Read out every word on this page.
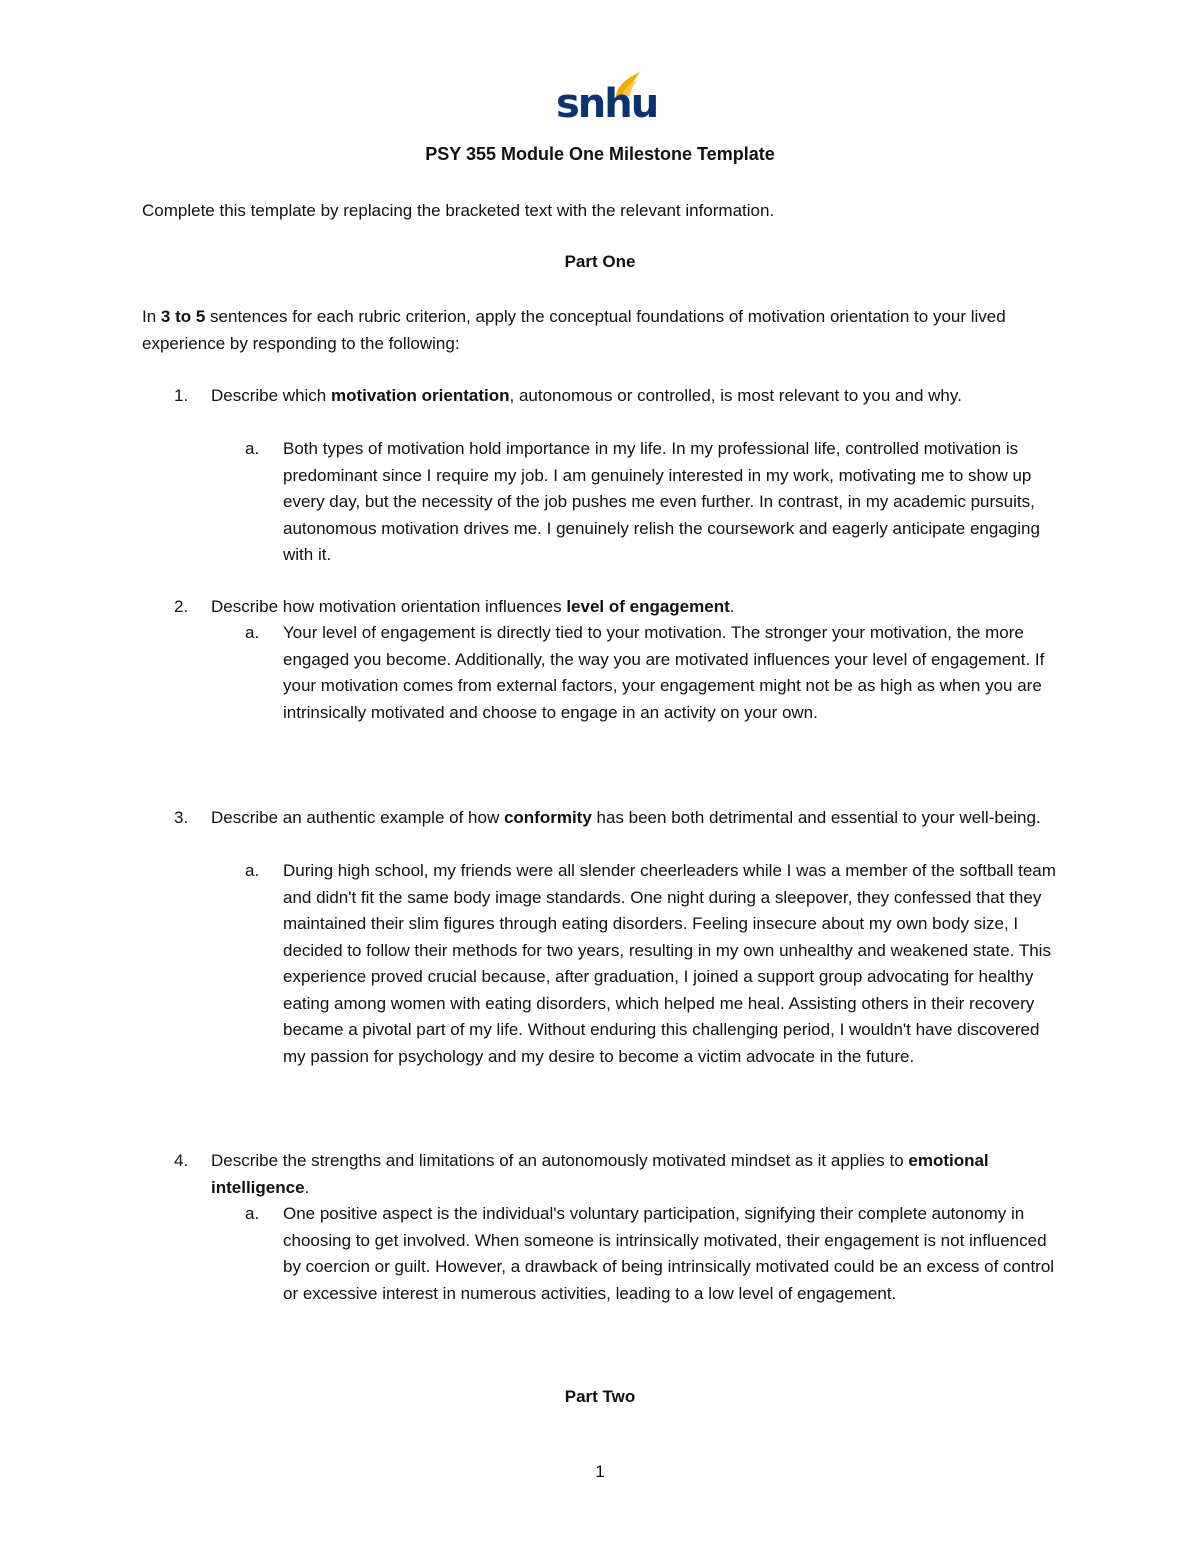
snhu
PSY 355 Module One Milestone Template
Complete this template by replacing the bracketed text with the relevant information.
Part One
In 3 to 5 sentences for each rubric criterion, apply the conceptual foundations of motivation orientation to your lived experience by responding to the following:
1. Describe which motivation orientation, autonomous or controlled, is most relevant to you and why.
a. Both types of motivation hold importance in my life. In my professional life, controlled motivation is predominant since I require my job. I am genuinely interested in my work, motivating me to show up every day, but the necessity of the job pushes me even further. In contrast, in my academic pursuits, autonomous motivation drives me. I genuinely relish the coursework and eagerly anticipate engaging with it.
2. Describe how motivation orientation influences level of engagement.
a. Your level of engagement is directly tied to your motivation. The stronger your motivation, the more engaged you become. Additionally, the way you are motivated influences your level of engagement. If your motivation comes from external factors, your engagement might not be as high as when you are intrinsically motivated and choose to engage in an activity on your own.
3. Describe an authentic example of how conformity has been both detrimental and essential to your well-being.
a. During high school, my friends were all slender cheerleaders while I was a member of the softball team and didn't fit the same body image standards. One night during a sleepover, they confessed that they maintained their slim figures through eating disorders. Feeling insecure about my own body size, I decided to follow their methods for two years, resulting in my own unhealthy and weakened state. This experience proved crucial because, after graduation, I joined a support group advocating for healthy eating among women with eating disorders, which helped me heal. Assisting others in their recovery became a pivotal part of my life. Without enduring this challenging period, I wouldn't have discovered my passion for psychology and my desire to become a victim advocate in the future.
4. Describe the strengths and limitations of an autonomously motivated mindset as it applies to emotional intelligence.
a. One positive aspect is the individual's voluntary participation, signifying their complete autonomy in choosing to get involved. When someone is intrinsically motivated, their engagement is not influenced by coercion or guilt. However, a drawback of being intrinsically motivated could be an excess of control or excessive interest in numerous activities, leading to a low level of engagement.
Part Two
1
